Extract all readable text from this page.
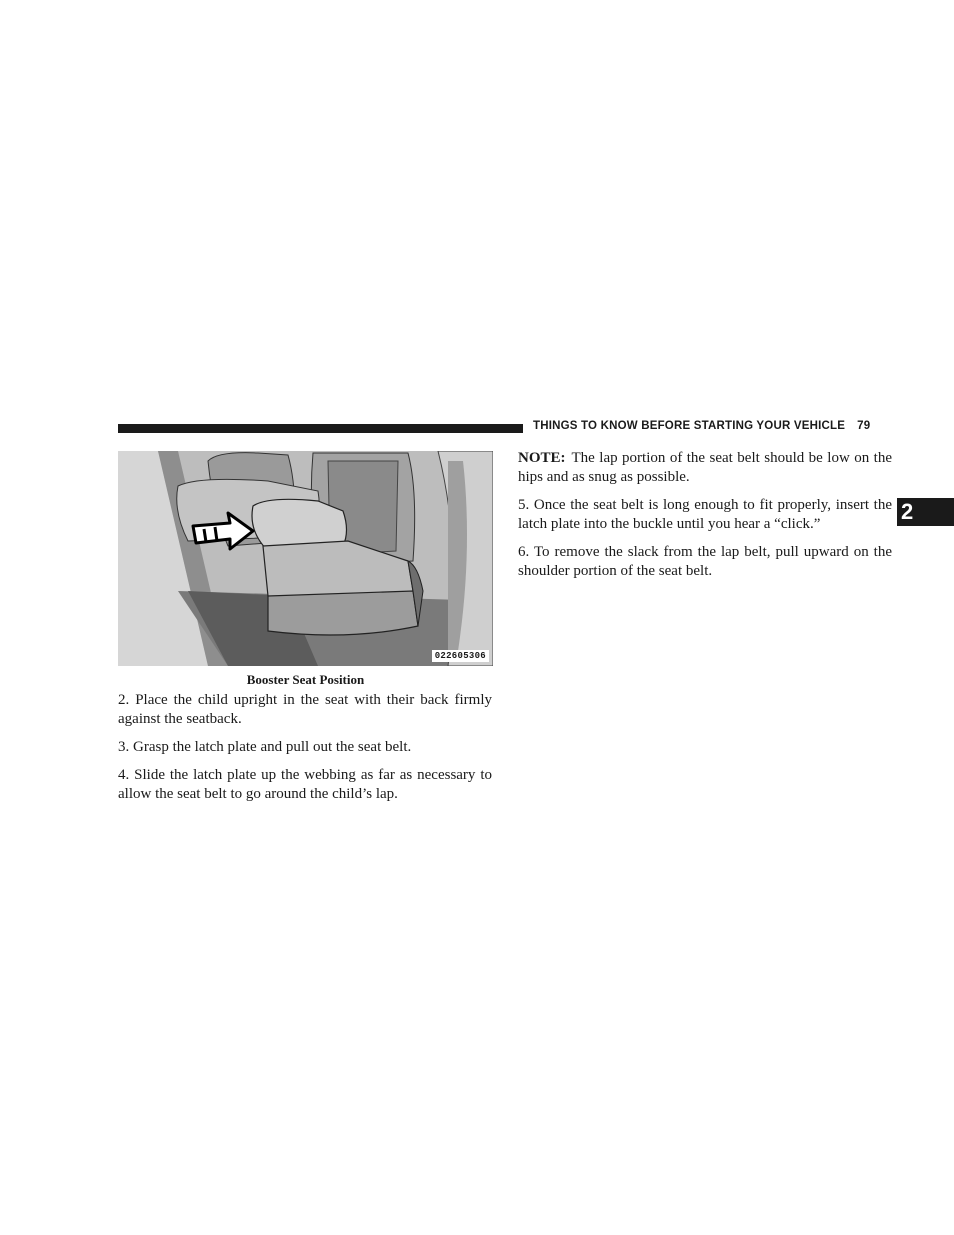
THINGS TO KNOW BEFORE STARTING YOUR VEHICLE 79
2
022605306
Booster Seat Position

2. Place the child upright in the seat with their back firmly against the seatback.

3. Grasp the latch plate and pull out the seat belt.

4. Slide the latch plate up the webbing as far as necessary to allow the seat belt to go around the child’s lap.

NOTE: The lap portion of the seat belt should be low on the hips and as snug as possible.

5. Once the seat belt is long enough to fit properly, insert the latch plate into the buckle until you hear a “click.”

6. To remove the slack from the lap belt, pull upward on the shoulder portion of the seat belt.
